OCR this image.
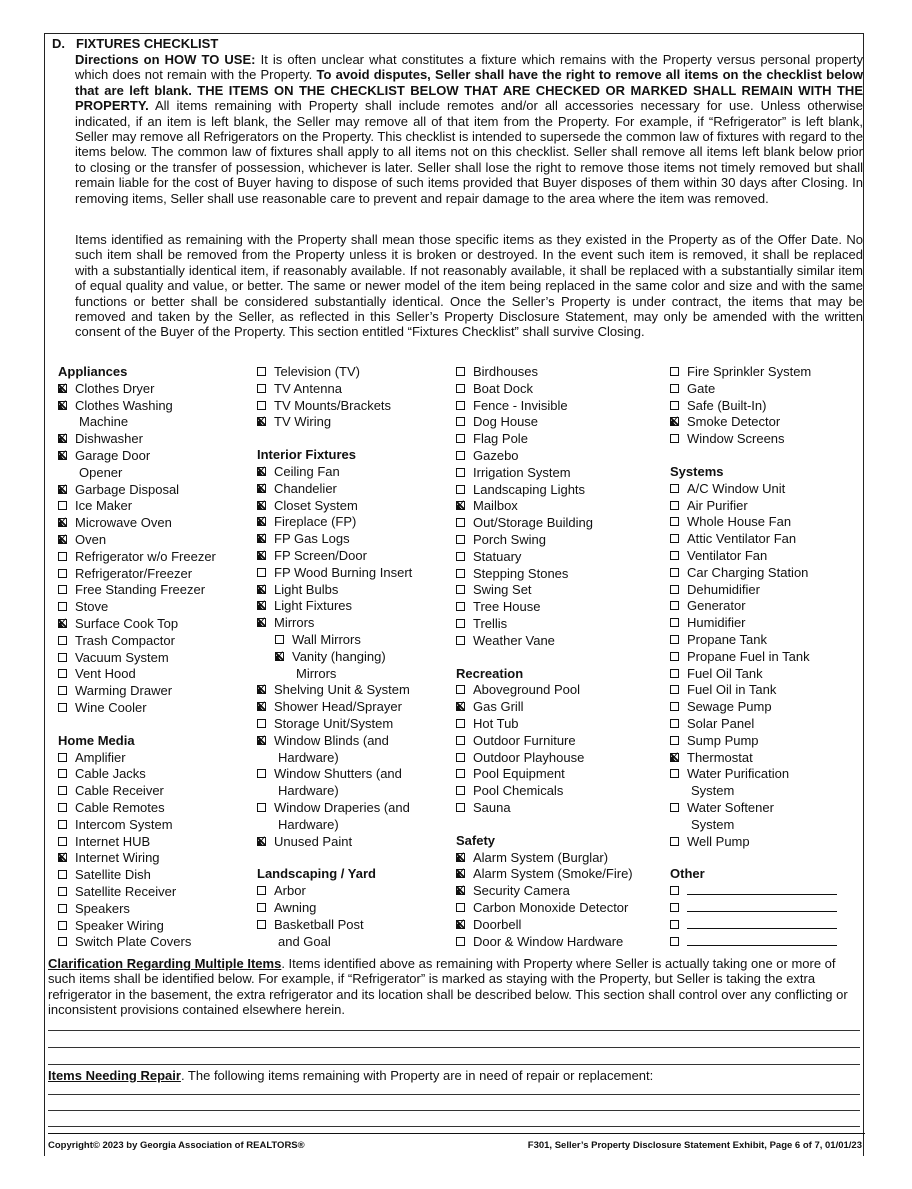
D. FIXTURES CHECKLIST
Directions on HOW TO USE: It is often unclear what constitutes a fixture which remains with the Property versus personal property which does not remain with the Property. To avoid disputes, Seller shall have the right to remove all items on the checklist below that are left blank. THE ITEMS ON THE CHECKLIST BELOW THAT ARE CHECKED OR MARKED SHALL REMAIN WITH THE PROPERTY. All items remaining with Property shall include remotes and/or all accessories necessary for use. Unless otherwise indicated, if an item is left blank, the Seller may remove all of that item from the Property. For example, if “Refrigerator” is left blank, Seller may remove all Refrigerators on the Property. This checklist is intended to supersede the common law of fixtures with regard to the items below. The common law of fixtures shall apply to all items not on this checklist. Seller shall remove all items left blank below prior to closing or the transfer of possession, whichever is later. Seller shall lose the right to remove those items not timely removed but shall remain liable for the cost of Buyer having to dispose of such items provided that Buyer disposes of them within 30 days after Closing. In removing items, Seller shall use reasonable care to prevent and repair damage to the area where the item was removed.
Items identified as remaining with the Property shall mean those specific items as they existed in the Property as of the Offer Date. No such item shall be removed from the Property unless it is broken or destroyed. In the event such item is removed, it shall be replaced with a substantially identical item, if reasonably available. If not reasonably available, it shall be replaced with a substantially similar item of equal quality and value, or better. The same or newer model of the item being replaced in the same color and size and with the same functions or better shall be considered substantially identical. Once the Seller’s Property is under contract, the items that may be removed and taken by the Seller, as reflected in this Seller’s Property Disclosure Statement, may only be amended with the written consent of the Buyer of the Property. This section entitled “Fixtures Checklist” shall survive Closing.
Appliances
✓
Clothes Dryer
✓
Clothes Washing
Machine
✓
Dishwasher
✓
Garage Door
Opener
✓
Garbage Disposal
Ice Maker
✓
Microwave Oven
✓
Oven
Refrigerator w/o Freezer
Refrigerator/Freezer
Free Standing Freezer
Stove
✓
Surface Cook Top
Trash Compactor
Vacuum System
Vent Hood
Warming Drawer
Wine Cooler
Home Media
Amplifier
Cable Jacks
Cable Receiver
Cable Remotes
Intercom System
Internet HUB
✓
Internet Wiring
Satellite Dish
Satellite Receiver
Speakers
Speaker Wiring
Switch Plate Covers
Television (TV)
TV Antenna
TV Mounts/Brackets
✓
TV Wiring
Interior Fixtures
✓
Ceiling Fan
✓
Chandelier
✓
Closet System
✓
Fireplace (FP)
✓
FP Gas Logs
✓
FP Screen/Door
FP Wood Burning Insert
✓
Light Bulbs
✓
Light Fixtures
✓
Mirrors
Wall Mirrors
✓
Vanity (hanging)
Mirrors
✓
Shelving Unit & System
✓
Shower Head/Sprayer
Storage Unit/System
✓
Window Blinds (and
Hardware)
Window Shutters (and
Hardware)
Window Draperies (and
Hardware)
✓
Unused Paint
Landscaping / Yard
Arbor
Awning
Basketball Post
and Goal
Birdhouses
Boat Dock
Fence - Invisible
Dog House
Flag Pole
Gazebo
Irrigation System
Landscaping Lights
✓
Mailbox
Out/Storage Building
Porch Swing
Statuary
Stepping Stones
Swing Set
Tree House
Trellis
Weather Vane
Recreation
Aboveground Pool
✓
Gas Grill
Hot Tub
Outdoor Furniture
Outdoor Playhouse
Pool Equipment
Pool Chemicals
Sauna
Safety
✓
Alarm System (Burglar)
✓
Alarm System (Smoke/Fire)
✓
Security Camera
Carbon Monoxide Detector
✓
Doorbell
Door & Window Hardware
Fire Sprinkler System
Gate
Safe (Built-In)
✓
Smoke Detector
Window Screens
Systems
A/C Window Unit
Air Purifier
Whole House Fan
Attic Ventilator Fan
Ventilator Fan
Car Charging Station
Dehumidifier
Generator
Humidifier
Propane Tank
Propane Fuel in Tank
Fuel Oil Tank
Fuel Oil in Tank
Sewage Pump
Solar Panel
Sump Pump
✓
Thermostat
Water Purification
System
Water Softener
System
Well Pump
Other
Clarification Regarding Multiple Items. Items identified above as remaining with Property where Seller is actually taking one or more of such items shall be identified below. For example, if “Refrigerator” is marked as staying with the Property, but Seller is taking the extra refrigerator in the basement, the extra refrigerator and its location shall be described below. This section shall control over any conflicting or inconsistent provisions contained elsewhere herein.
Items Needing Repair. The following items remaining with Property are in need of repair or replacement:
Copyright© 2023 by Georgia Association of REALTORS®	F301, Seller’s Property Disclosure Statement Exhibit, Page 6 of 7, 01/01/23
